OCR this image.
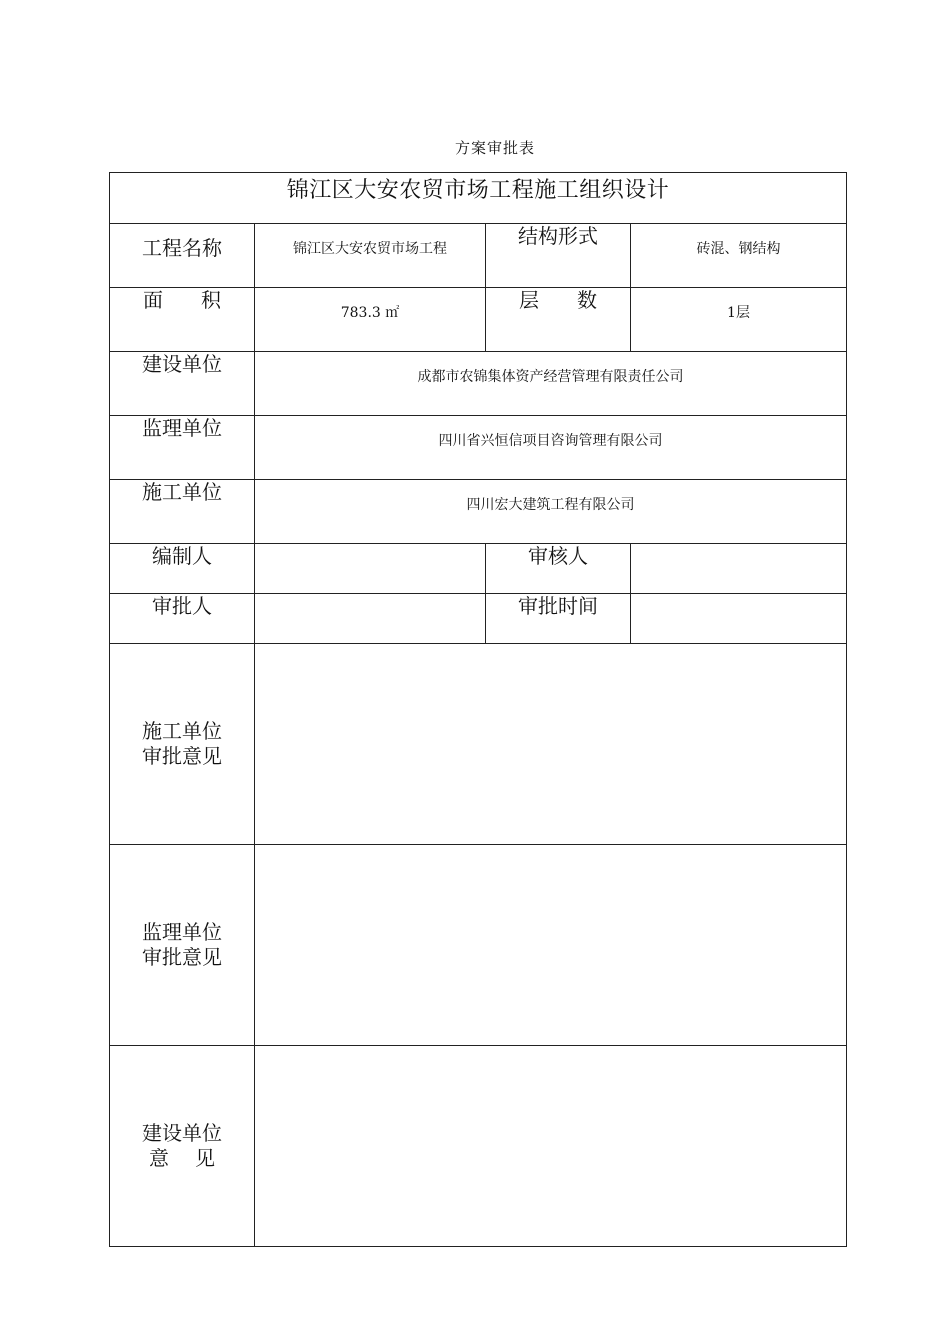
方案审批表
锦江区大安农贸市场工程施工组织设计			
工程名称	锦江区大安农贸市场工程	结构形式	砖混、钢结构
面 积	783.3 ㎡	层 数	1层
建设单位	成都市农锦集体资产经营管理有限责任公司		
监理单位	四川省兴恒信项目咨询管理有限公司		
施工单位	四川宏大建筑工程有限公司		
编制人		审核人	
审批人		审批时间	

施工单位
审批意见			

监理单位
审批意见			

建设单位
意 见			
